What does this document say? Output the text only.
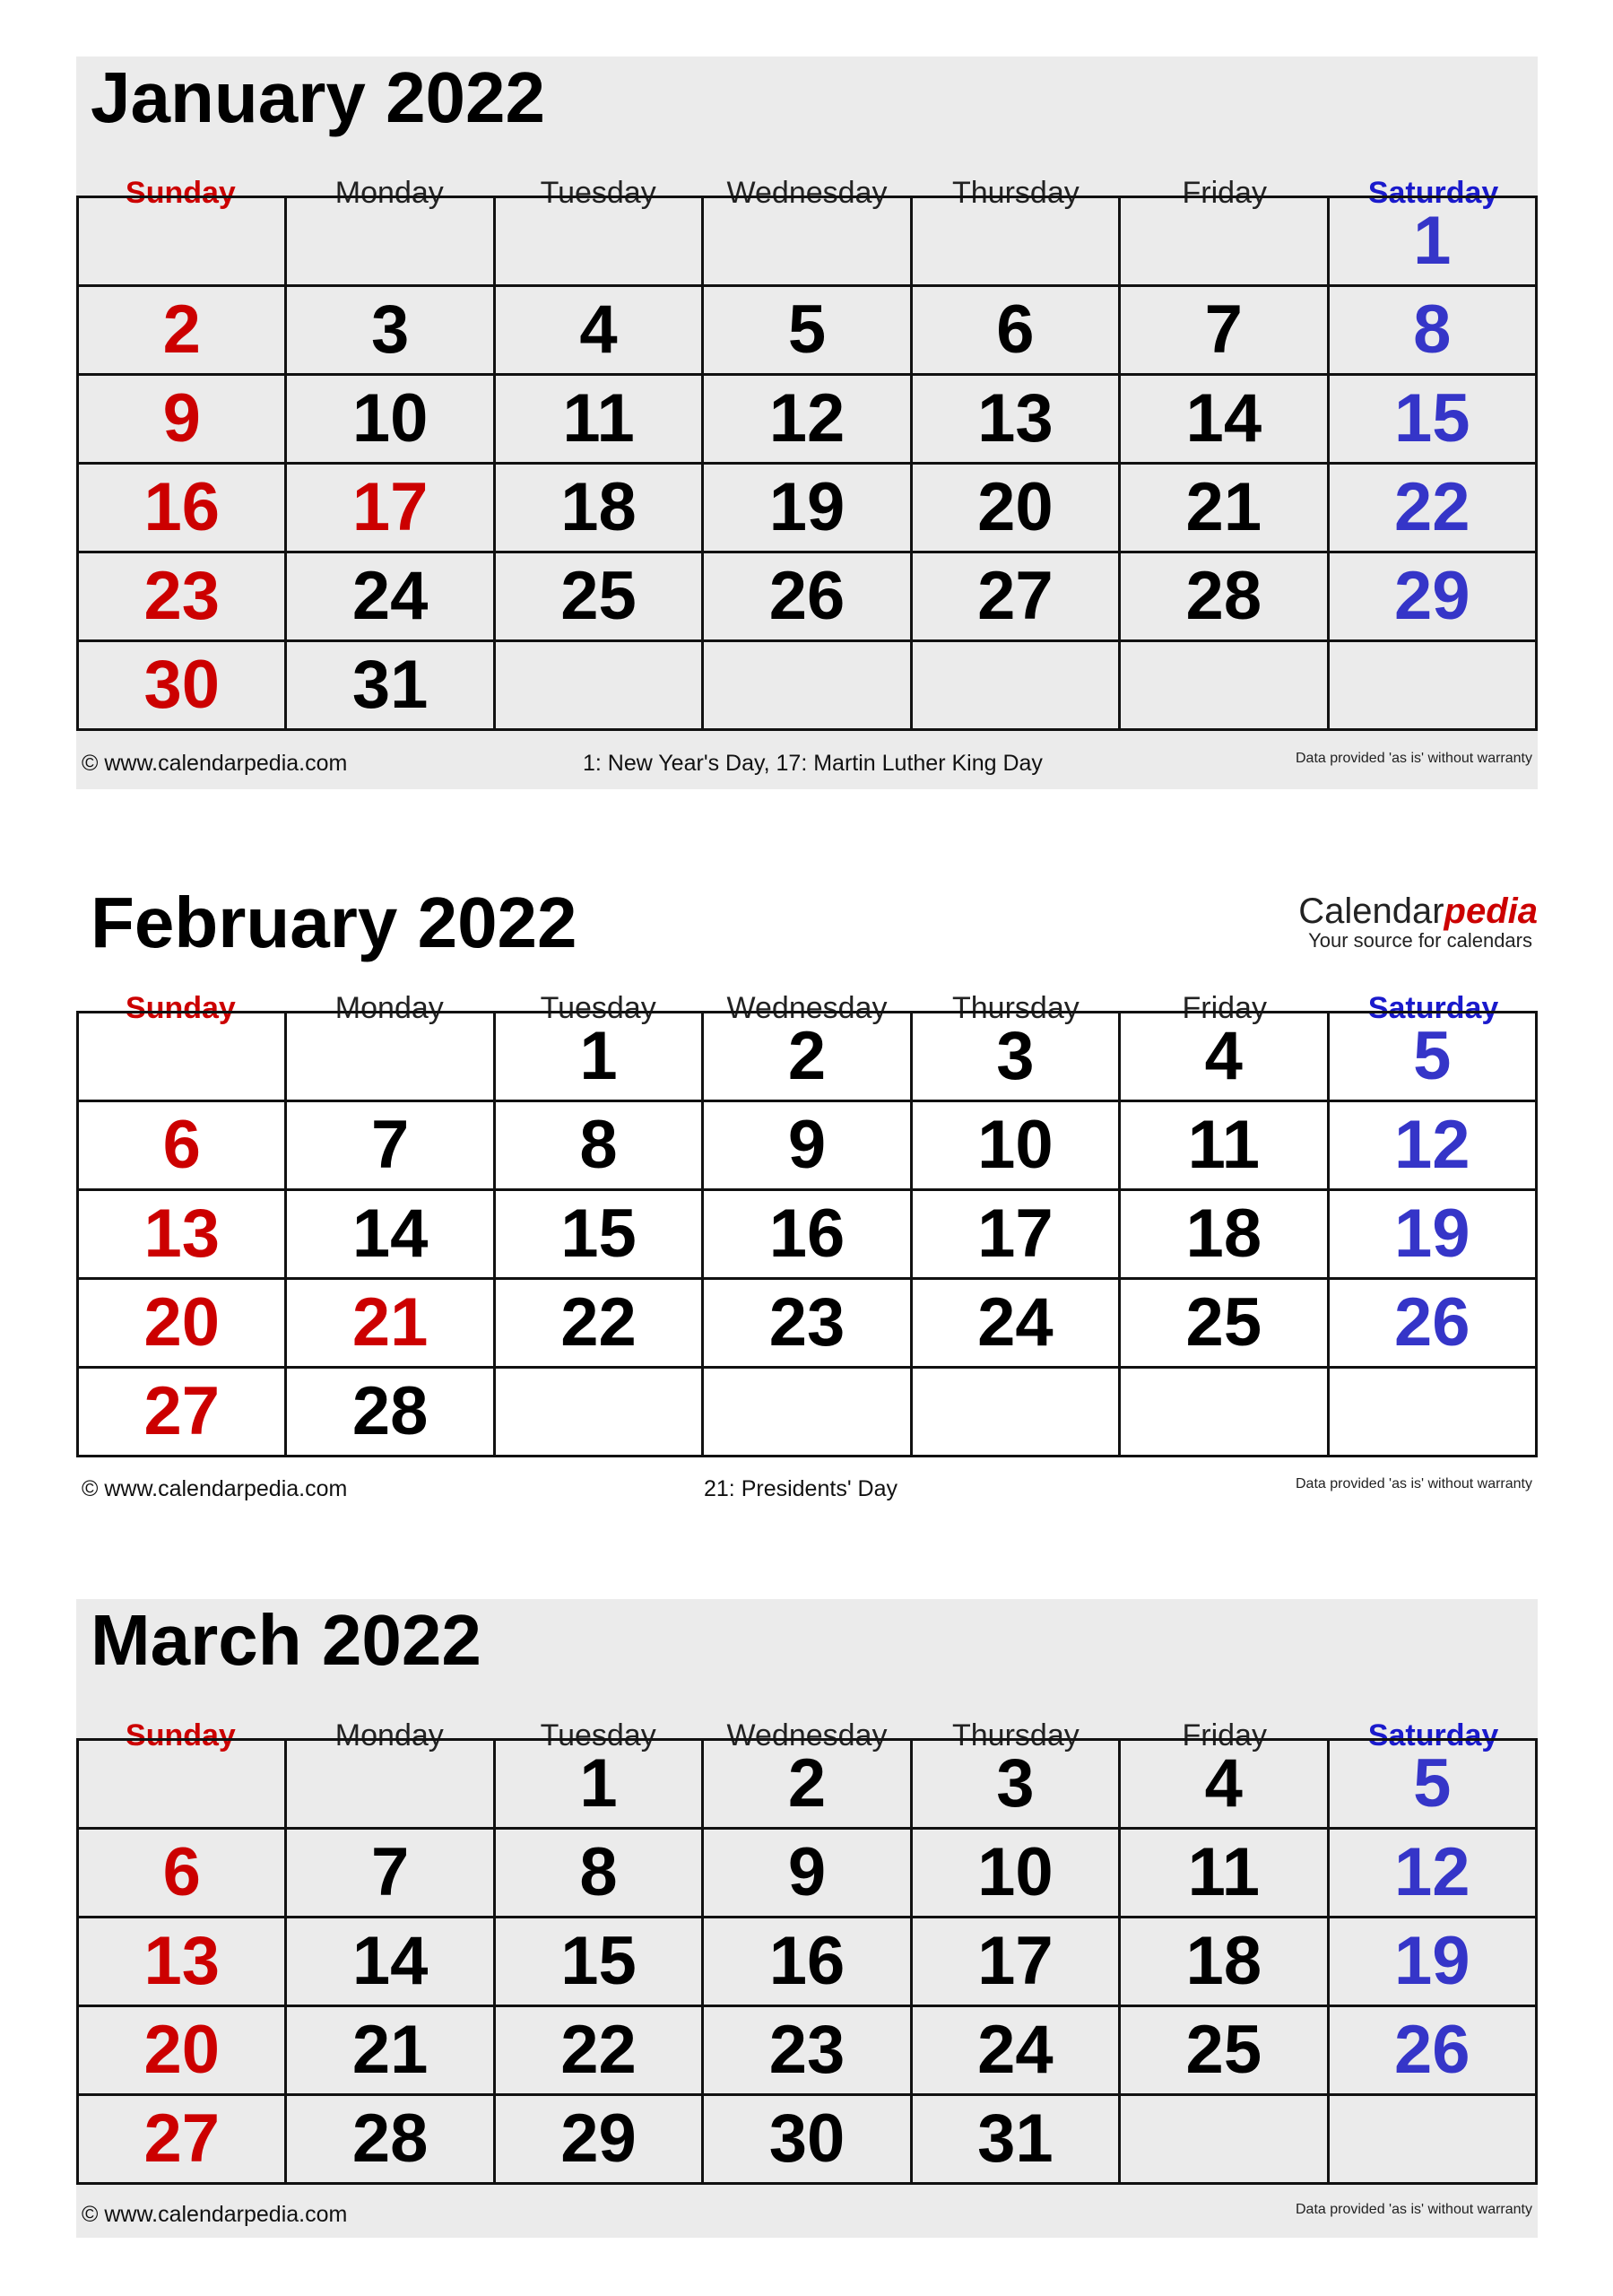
January 2022
Sunday	Monday	Tuesday	Wednesday	Thursday	Friday	Saturday
						1
2	3	4	5	6	7	8
9	10	11	12	13	14	15
16	17	18	19	20	21	22
23	24	25	26	27	28	29
30	31					
© www.calendarpedia.com	1: New Year's Day, 17: Martin Luther King Day	Data provided 'as is' without warranty
February 2022	Calendarpedia
Your source for calendars
Sunday	Monday	Tuesday	Wednesday	Thursday	Friday	Saturday
		1	2	3	4	5
6	7	8	9	10	11	12
13	14	15	16	17	18	19
20	21	22	23	24	25	26
27	28					
© www.calendarpedia.com	21: Presidents' Day	Data provided 'as is' without warranty
March 2022
Sunday	Monday	Tuesday	Wednesday	Thursday	Friday	Saturday
		1	2	3	4	5
6	7	8	9	10	11	12
13	14	15	16	17	18	19
20	21	22	23	24	25	26
27	28	29	30	31		
© www.calendarpedia.com	Data provided 'as is' without warranty
